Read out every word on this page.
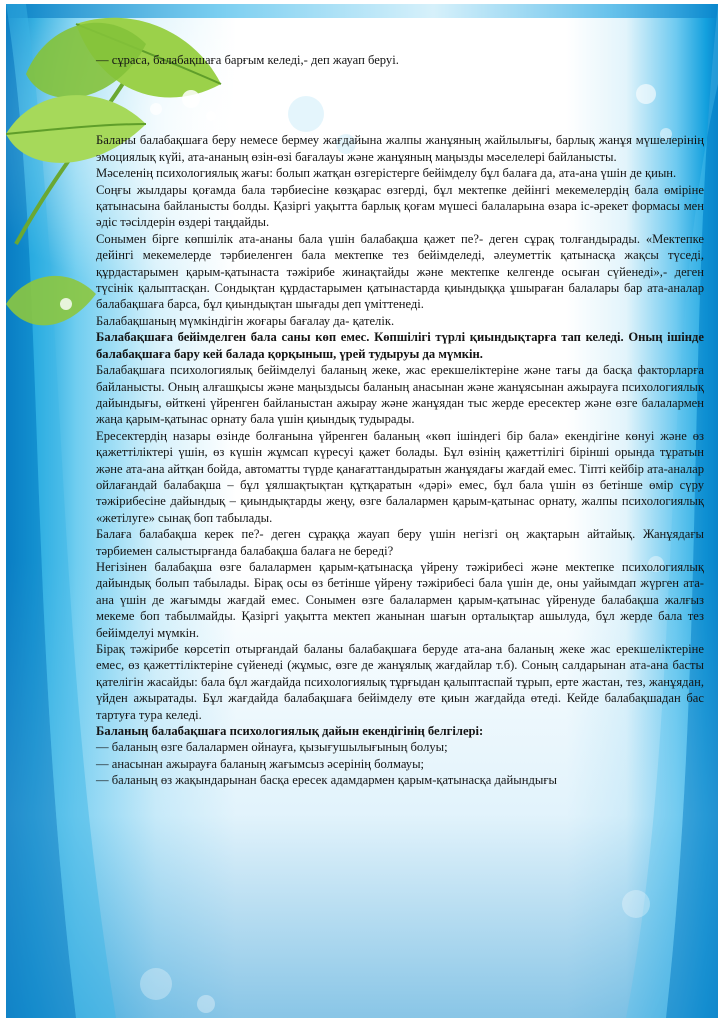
— сұраса, балабақшаға барғым келеді,- деп жауап беруі.

Баланы балабақшаға беру немесе бермеу жағдайына жалпы жанұяның жайлылығы, барлық жанұя мүшелерінің эмоциялық күйі, ата-ананың өзін-өзі бағалауы және жанұяның маңызды мәселелері байланысты.

Мәселенің психологиялық жағы: болып жатқан өзгерістерге бейімделу бұл балаға да, ата-ана үшін де қиын.

Соңғы жылдары қоғамда бала тәрбиесіне көзқарас өзгерді, бұл мектепке дейінгі мекемелердің бала өміріне қатынасына байланысты болды. Қазіргі уақытта барлық қоғам мүшесі балаларына өзара іс-әрекет формасы мен әдіс тәсілдерін өздері таңдайды.

Сонымен бірге көпшілік ата-ананы бала үшін балабақша қажет пе?- деген сұрақ толғандырады. «Мектепке дейінгі мекемелерде тәрбиеленген бала мектепке тез бейімделеді, әлеуметтік қатынасқа жақсы түседі, құрдастарымен қарым-қатынаста тәжірибе жинақтайды және мектепке келгенде осыған сүйенеді»,- деген түсінік қалыптасқан. Сондықтан құрдастарымен қатынастарда қиындыққа ұшыраған балалары бар ата-аналар балабақшаға барса, бұл қиындықтан шығады деп үміттенеді.

Балабақшаның мүмкіндігін жоғары бағалау да- қателік.

Балабақшаға бейімделген бала саны көп емес. Көпшілігі түрлі қиындықтарға тап келеді. Оның ішінде балабақшаға бару кей балада қорқыныш, үрей тудыруы да мүмкін.

Балабақшаға психологиялық бейімделуі баланың жеке, жас ерекшеліктеріне және тағы да басқа факторларға байланысты. Оның алғашқысы және маңыздысы баланың анасынан және жанұясынан ажырауға психологиялық дайындығы, өйткені үйренген байланыстан ажырау және жанұядан тыс жерде ересектер және өзге балалармен жаңа қарым-қатынас орнату бала үшін қиындық тудырады.

Ересектердің назары өзінде болғанына үйренген баланың «көп ішіндегі бір бала» екендігіне көнуі және өз қажеттіліктері үшін, өз күшін жұмсап күресуі қажет болады. Бұл өзінің қажеттілігі бірінші орында тұратын және ата-ана айтқан бойда, автоматты түрде қанағаттандыратын жанұядағы жағдай емес. Тіпті кейбір ата-аналар ойлағандай балабақша – бұл ұялшақтықтан құтқаратын «дәрі» емес, бұл бала үшін өз бетінше өмір сүру тәжірибесіне дайындық – қиындықтарды жеңу, өзге балалармен қарым-қатынас орнату, жалпы психологиялық «жетілуге» сынақ боп табылады.

Балаға балабақша керек пе?- деген сұраққа жауап беру үшін негізгі оң жақтарын айтайық. Жанұядағы тәрбиемен салыстырғанда балабақша балаға не береді?

Негізінен балабақша өзге балалармен қарым-қатынасқа үйрену тәжірибесі және мектепке психологиялық дайындық болып табылады. Бірақ осы өз бетінше үйрену тәжірибесі бала үшін де, оны уайымдап жүрген ата-ана үшін де жағымды жағдай емес. Сонымен өзге балалармен қарым-қатынас үйренуде балабақша жалғыз мекеме боп табылмайды. Қазіргі уақытта мектеп жанынан шағын орталықтар ашылуда, бұл жерде бала тез бейімделуі мүмкін.

Бірақ тәжірибе көрсетіп отырғандай баланы балабақшаға беруде ата-ана баланың жеке жас ерекшеліктеріне емес, өз қажеттіліктеріне сүйенеді (жұмыс, өзге де жанұялық жағдайлар т.б). Соның салдарынан ата-ана басты қателігін жасайды: бала бұл жағдайда психологиялық тұрғыдан қалыптаспай тұрып, ерте жастан, тез, жанұядан, үйден ажыратады. Бұл жағдайда балабақшаға бейімделу өте қиын жағдайда өтеді. Кейде балабақшадан бас тартуға тура келеді.

Баланың балабақшаға психологиялық дайын екендігінің белгілері:

— баланың өзге балалармен ойнауға, қызығушылығының болуы;

— анасынан ажырауға баланың жағымсыз әсерінің болмауы;

— баланың өз жақындарынан басқа ересек адамдармен қарым-қатынасқа дайындығы
